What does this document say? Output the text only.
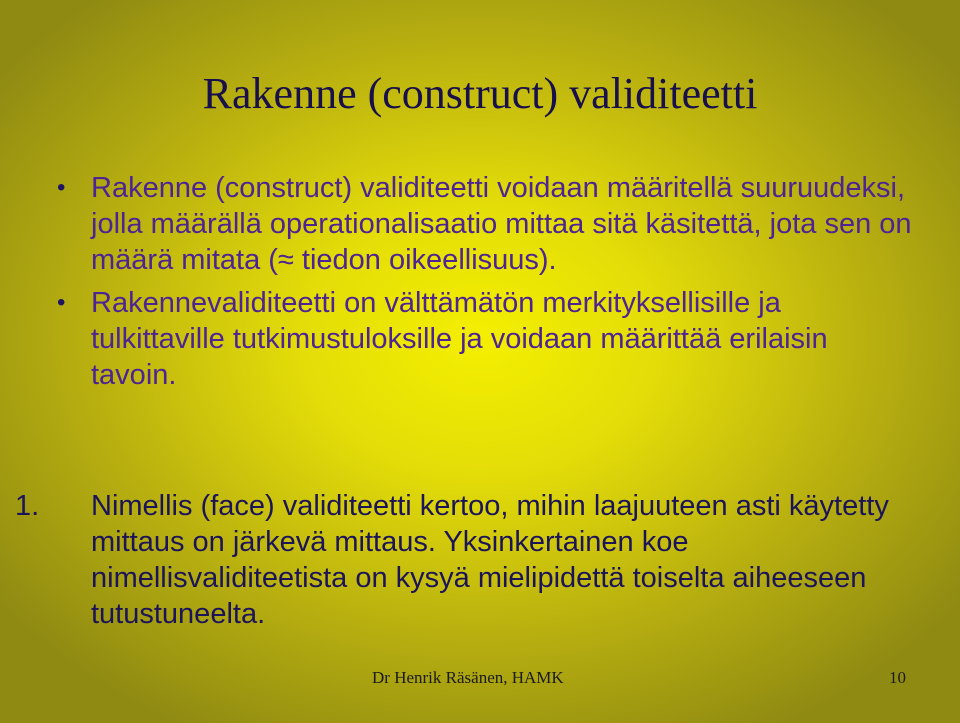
Rakenne (construct) validiteetti
• Rakenne (construct) validiteetti voidaan määritellä suuruudeksi, jolla määrällä operationalisaatio mittaa sitä käsitettä, jota sen on määrä mitata (≈ tiedon oikeellisuus).
• Rakennevaliditeetti on välttämätön merkityksellisille ja tulkittaville tutkimustuloksille ja voidaan määrittää erilaisin tavoin.

1. Nimellis (face) validiteetti kertoo, mihin laajuuteen asti käytetty mittaus on järkevä mittaus. Yksinkertainen koe nimellisvaliditeetista on kysyä mielipidettä toiselta aiheeseen tutustuneelta.

Dr Henrik Räsänen, HAMK	10
